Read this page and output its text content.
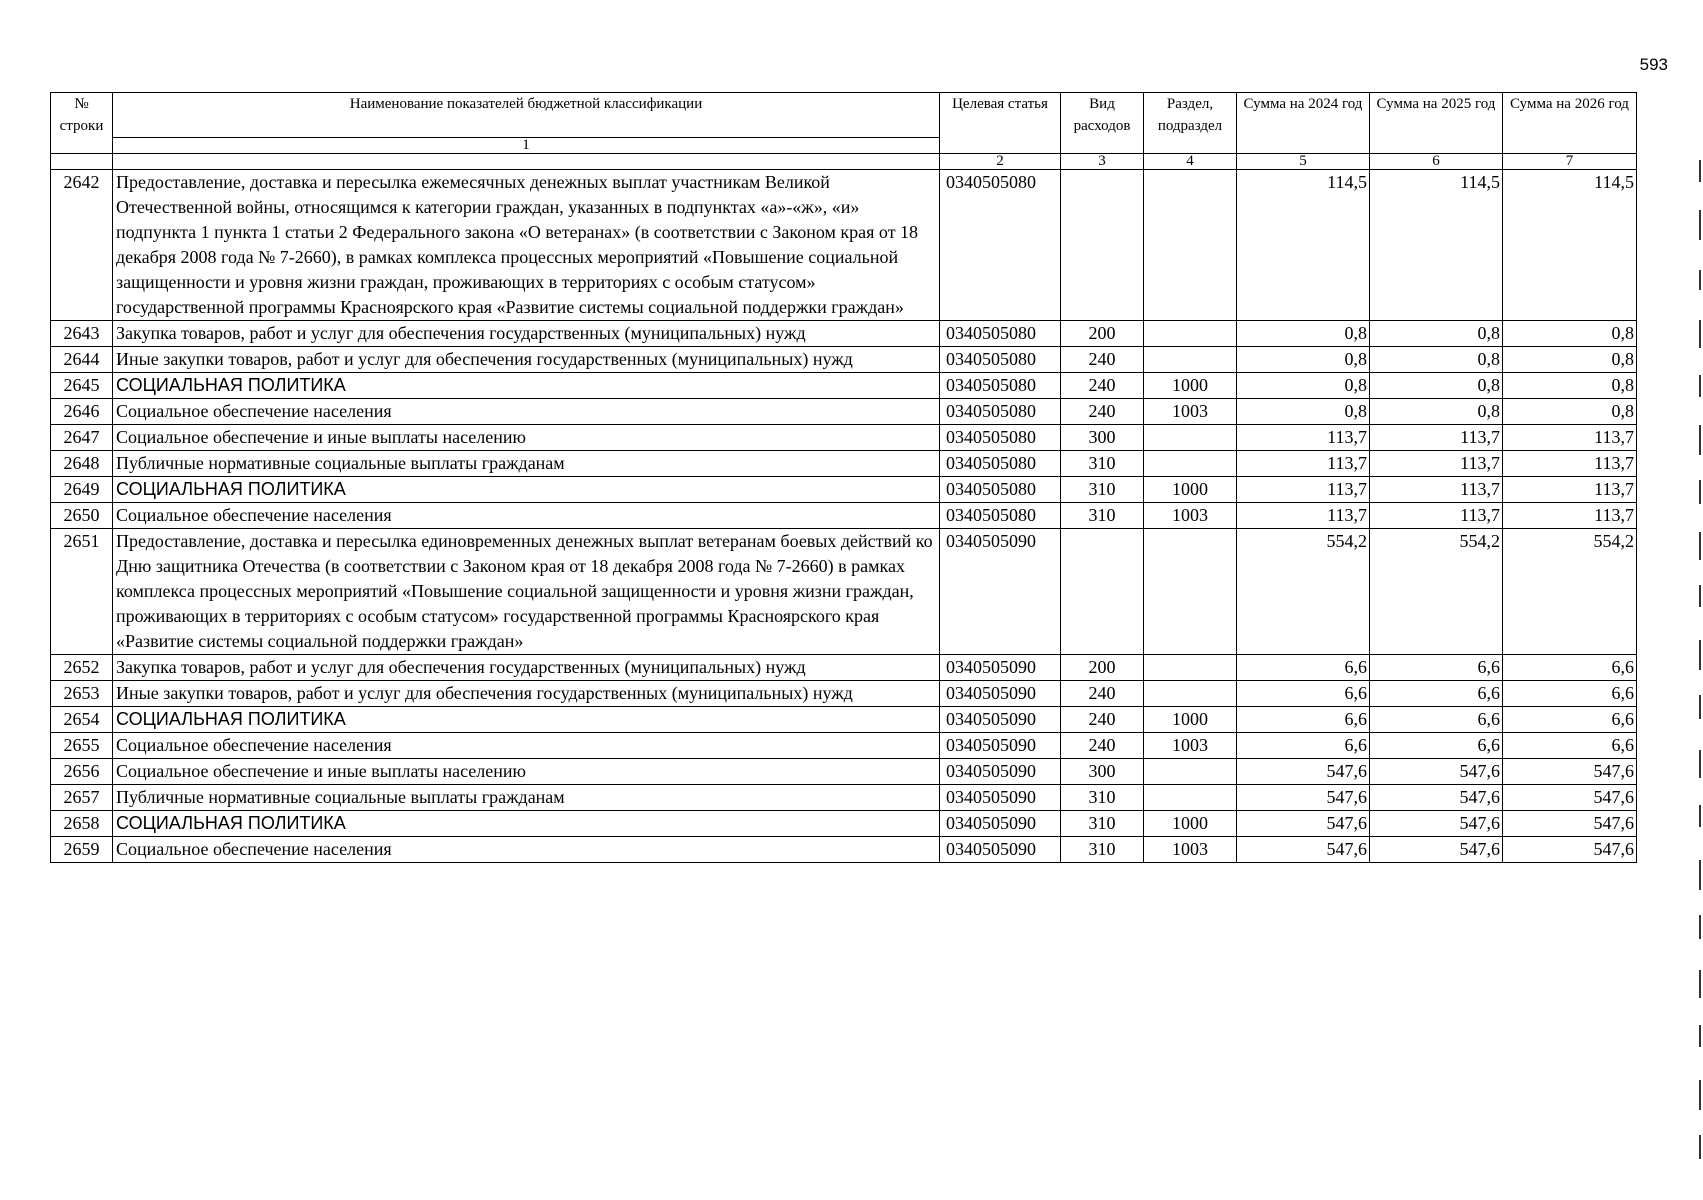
593
№ строки	Наименование показателей бюджетной классификации	Целевая статья	Вид расходов	Раздел, подраздел	Сумма на 2024 год	Сумма на 2025 год	Сумма на 2026 год
	1						
		2	3	4	5	6	7
2642	Предоставление, доставка и пересылка ежемесячных денежных выплат участникам Великой Отечественной войны, относящимся к категории граждан, указанных в подпунктах «а»-«ж», «и» подпункта 1 пункта 1 статьи 2 Федерального закона «О ветеранах» (в соответствии с Законом края от 18 декабря 2008 года № 7-2660), в рамках комплекса процессных мероприятий «Повышение социальной защищенности и уровня жизни граждан, проживающих в территориях с особым статусом» государственной программы Красноярского края «Развитие системы социальной поддержки граждан»	0340505080			114,5	114,5	114,5
2643	Закупка товаров, работ и услуг для обеспечения государственных (муниципальных) нужд	0340505080	200		0,8	0,8	0,8
2644	Иные закупки товаров, работ и услуг для обеспечения государственных (муниципальных) нужд	0340505080	240		0,8	0,8	0,8
2645	СОЦИАЛЬНАЯ ПОЛИТИКА	0340505080	240	1000	0,8	0,8	0,8
2646	Социальное обеспечение населения	0340505080	240	1003	0,8	0,8	0,8
2647	Социальное обеспечение и иные выплаты населению	0340505080	300		113,7	113,7	113,7
2648	Публичные нормативные социальные выплаты гражданам	0340505080	310		113,7	113,7	113,7
2649	СОЦИАЛЬНАЯ ПОЛИТИКА	0340505080	310	1000	113,7	113,7	113,7
2650	Социальное обеспечение населения	0340505080	310	1003	113,7	113,7	113,7
2651	Предоставление, доставка и пересылка единовременных денежных выплат ветеранам боевых действий ко Дню защитника Отечества (в соответствии с Законом края от 18 декабря 2008 года № 7-2660) в рамках комплекса процессных мероприятий «Повышение социальной защищенности и уровня жизни граждан, проживающих в территориях с особым статусом» государственной программы Красноярского края «Развитие системы социальной поддержки граждан»	0340505090			554,2	554,2	554,2
2652	Закупка товаров, работ и услуг для обеспечения государственных (муниципальных) нужд	0340505090	200		6,6	6,6	6,6
2653	Иные закупки товаров, работ и услуг для обеспечения государственных (муниципальных) нужд	0340505090	240		6,6	6,6	6,6
2654	СОЦИАЛЬНАЯ ПОЛИТИКА	0340505090	240	1000	6,6	6,6	6,6
2655	Социальное обеспечение населения	0340505090	240	1003	6,6	6,6	6,6
2656	Социальное обеспечение и иные выплаты населению	0340505090	300		547,6	547,6	547,6
2657	Публичные нормативные социальные выплаты гражданам	0340505090	310		547,6	547,6	547,6
2658	СОЦИАЛЬНАЯ ПОЛИТИКА	0340505090	310	1000	547,6	547,6	547,6
2659	Социальное обеспечение населения	0340505090	310	1003	547,6	547,6	547,6
